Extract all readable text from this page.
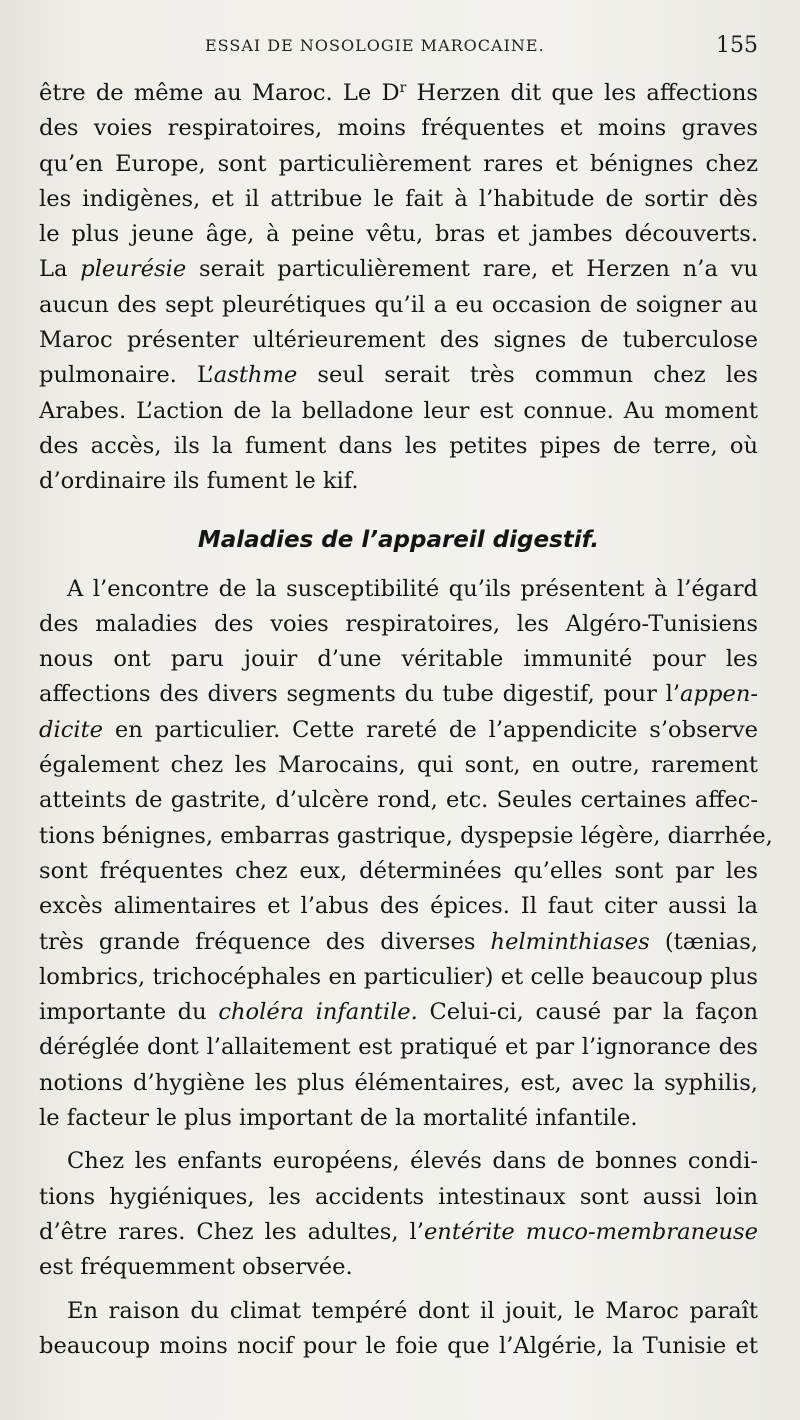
ESSAI DE NOSOLOGIE MAROCAINE.	155
être de même au Maroc. Le $D^r$ Herzen dit que les affections
des voies respiratoires, moins fréquentes et moins graves
qu’en Europe, sont particulièrement rares et bénignes chez
les indigènes, et il attribue le fait à l’habitude de sortir dès
le plus jeune âge, à peine vêtu, bras et jambes découverts.
La pleurésie serait particulièrement rare, et Herzen n’a vu
aucun des sept pleurétiques qu’il a eu occasion de soigner au
Maroc présenter ultérieurement des signes de tuberculose
pulmonaire. L’asthme seul serait très commun chez les
Arabes. L’action de la belladone leur est connue. Au moment
des accès, ils la fument dans les petites pipes de terre, où
d’ordinaire ils fument le kif.
Maladies de l’appareil digestif.
A l’encontre de la susceptibilité qu’ils présentent à l’égard
des maladies des voies respiratoires, les Algéro-Tunisiens
nous ont paru jouir d’une véritable immunité pour les
affections des divers segments du tube digestif, pour l’appen-
dicite en particulier. Cette rareté de l’appendicite s’observe
également chez les Marocains, qui sont, en outre, rarement
atteints de gastrite, d’ulcère rond, etc. Seules certaines affec-
tions bénignes, embarras gastrique, dyspepsie légère, diarrhée,
sont fréquentes chez eux, déterminées qu’elles sont par les
excès alimentaires et l’abus des épices. Il faut citer aussi la
très grande fréquence des diverses helminthiases (tænias,
lombrics, trichocéphales en particulier) et celle beaucoup plus
importante du choléra infantile. Celui-ci, causé par la façon
déréglée dont l’allaitement est pratiqué et par l’ignorance des
notions d’hygiène les plus élémentaires, est, avec la syphilis,
le facteur le plus important de la mortalité infantile.
Chez les enfants européens, élevés dans de bonnes condi-
tions hygiéniques, les accidents intestinaux sont aussi loin
d’être rares. Chez les adultes, l’entérite muco-membraneuse
est fréquemment observée.
En raison du climat tempéré dont il jouit, le Maroc paraît
beaucoup moins nocif pour le foie que l’Algérie, la Tunisie et
